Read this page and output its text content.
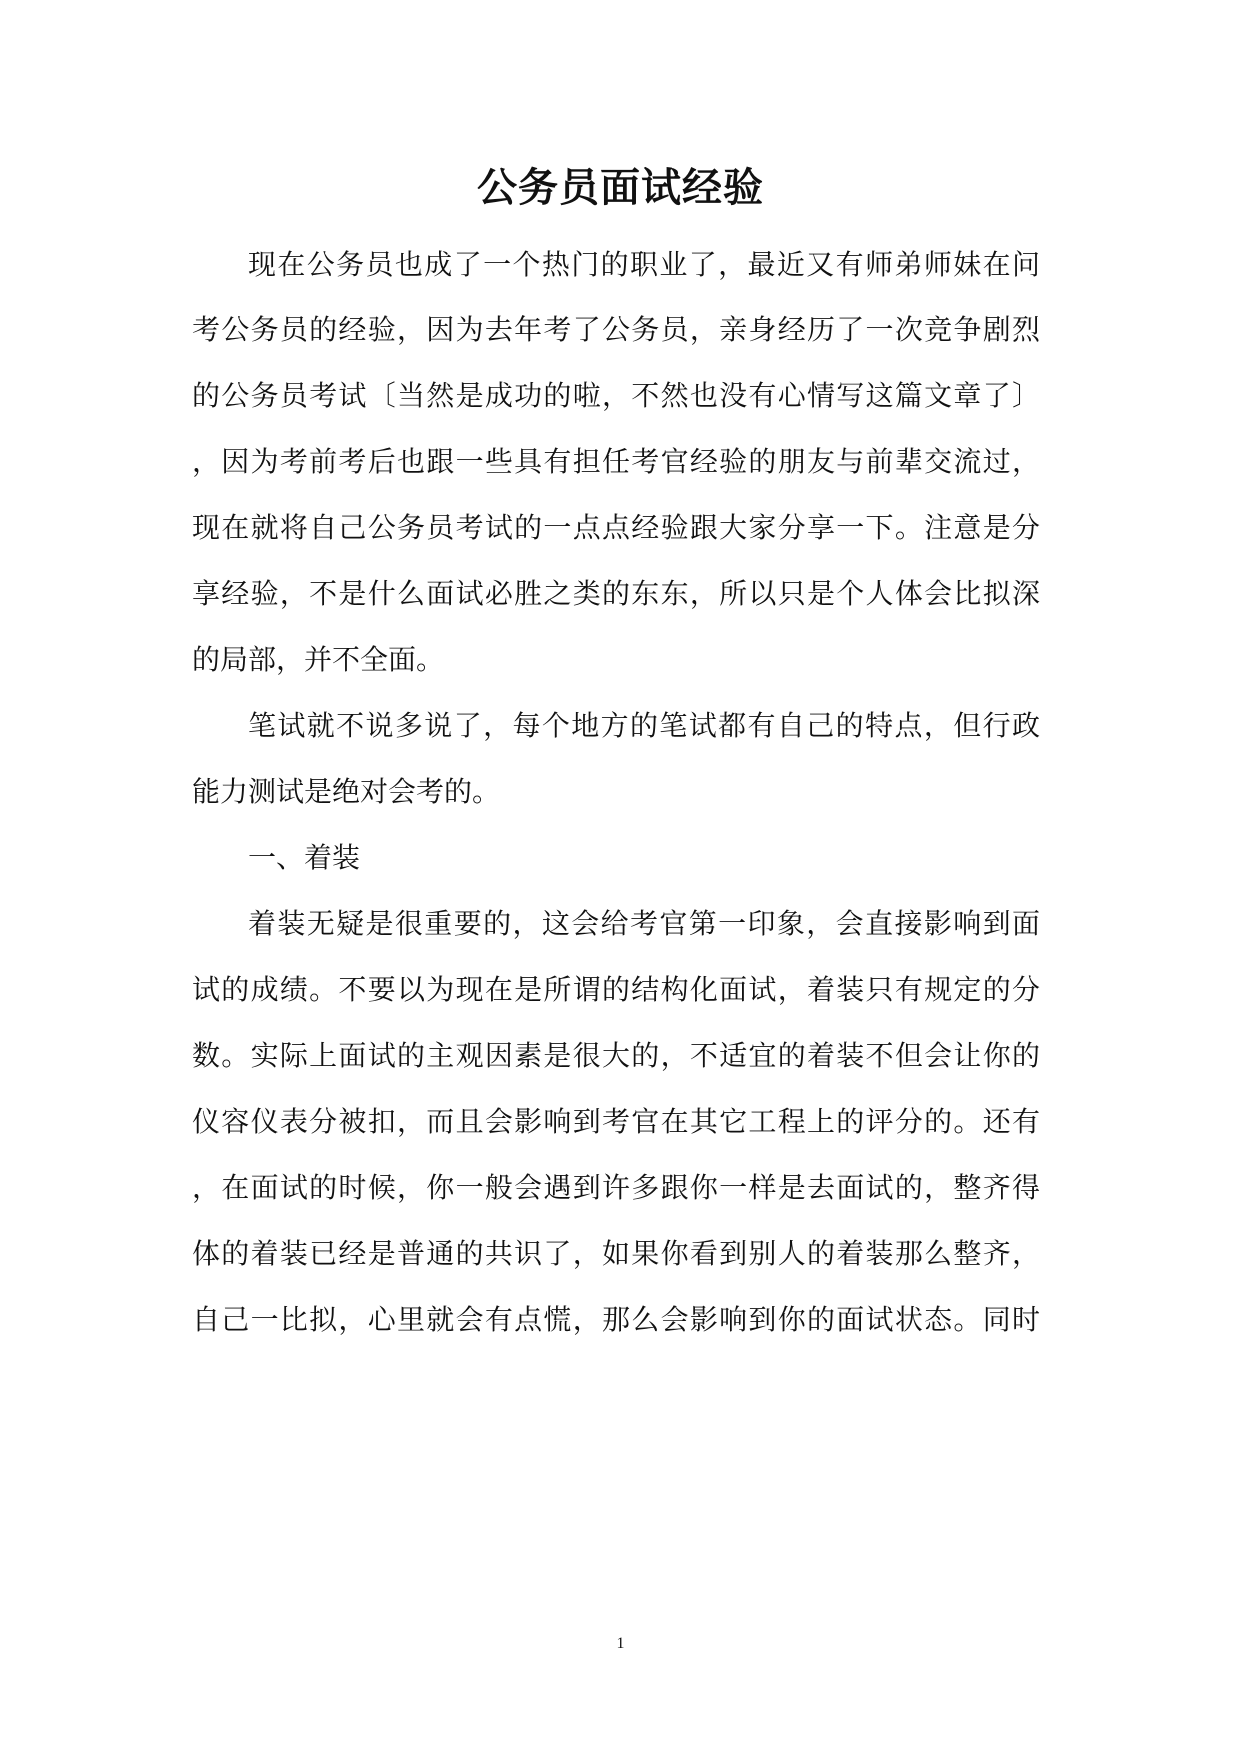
公务员面试经验
现在公务员也成了一个热门的职业了，最近又有师弟师妹在问
考公务员的经验，因为去年考了公务员，亲身经历了一次竞争剧烈
的公务员考试〔当然是成功的啦，不然也没有心情写这篇文章了〕
，因为考前考后也跟一些具有担任考官经验的朋友与前辈交流过，
现在就将自己公务员考试的一点点经验跟大家分享一下。注意是分
享经验，不是什么面试必胜之类的东东，所以只是个人体会比拟深
的局部，并不全面。
笔试就不说多说了，每个地方的笔试都有自己的特点，但行政
能力测试是绝对会考的。
一、着装
着装无疑是很重要的，这会给考官第一印象，会直接影响到面
试的成绩。不要以为现在是所谓的结构化面试，着装只有规定的分
数。实际上面试的主观因素是很大的，不适宜的着装不但会让你的
仪容仪表分被扣，而且会影响到考官在其它工程上的评分的。还有
，在面试的时候，你一般会遇到许多跟你一样是去面试的，整齐得
体的着装已经是普通的共识了，如果你看到别人的着装那么整齐，
自己一比拟，心里就会有点慌，那么会影响到你的面试状态。同时
1
